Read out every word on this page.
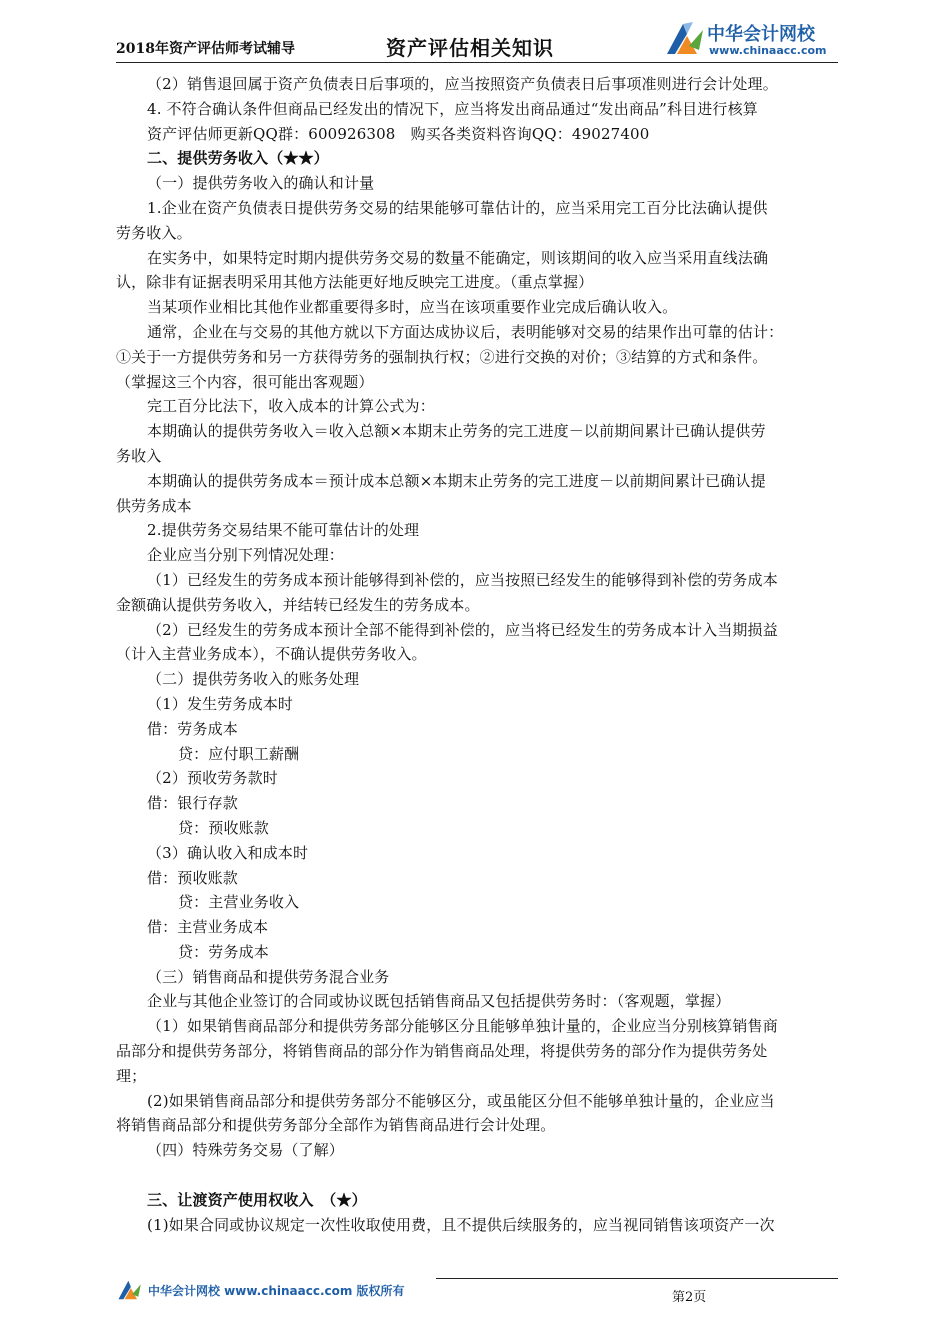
2018年资产评估师考试辅导	资产评估相关知识
中华会计网校
www.chinaacc.com
（2）销售退回属于资产负债表日后事项的，应当按照资产负债表日后事项准则进行会计处理。
4. 不符合确认条件但商品已经发出的情况下，应当将发出商品通过“发出商品”科目进行核算
资产评估师更新QQ群：600926308　购买各类资料咨询QQ：49027400
二、提供劳务收入（★★）
（一）提供劳务收入的确认和计量
1.企业在资产负债表日提供劳务交易的结果能够可靠估计的，应当采用完工百分比法确认提供
劳务收入。
在实务中，如果特定时期内提供劳务交易的数量不能确定，则该期间的收入应当采用直线法确
认，除非有证据表明采用其他方法能更好地反映完工进度。（重点掌握）
当某项作业相比其他作业都重要得多时，应当在该项重要作业完成后确认收入。
通常，企业在与交易的其他方就以下方面达成协议后，表明能够对交易的结果作出可靠的估计：
①关于一方提供劳务和另一方获得劳务的强制执行权；②进行交换的对价；③结算的方式和条件。
（掌握这三个内容，很可能出客观题）
完工百分比法下，收入成本的计算公式为：
本期确认的提供劳务收入＝收入总额×本期末止劳务的完工进度－以前期间累计已确认提供劳
务收入
本期确认的提供劳务成本＝预计成本总额×本期末止劳务的完工进度－以前期间累计已确认提
供劳务成本
2.提供劳务交易结果不能可靠估计的处理
企业应当分别下列情况处理：
（1）已经发生的劳务成本预计能够得到补偿的，应当按照已经发生的能够得到补偿的劳务成本
金额确认提供劳务收入，并结转已经发生的劳务成本。
（2）已经发生的劳务成本预计全部不能得到补偿的，应当将已经发生的劳务成本计入当期损益
（计入主营业务成本），不确认提供劳务收入。
（二）提供劳务收入的账务处理
（1）发生劳务成本时
借：劳务成本
贷：应付职工薪酬
（2）预收劳务款时
借：银行存款
贷：预收账款
（3）确认收入和成本时
借：预收账款
贷：主营业务收入
借：主营业务成本
贷：劳务成本
（三）销售商品和提供劳务混合业务
企业与其他企业签订的合同或协议既包括销售商品又包括提供劳务时：（客观题，掌握）
（1）如果销售商品部分和提供劳务部分能够区分且能够单独计量的，企业应当分别核算销售商
品部分和提供劳务部分，将销售商品的部分作为销售商品处理，将提供劳务的部分作为提供劳务处
理；
(2)如果销售商品部分和提供劳务部分不能够区分，或虽能区分但不能够单独计量的，企业应当
将销售商品部分和提供劳务部分全部作为销售商品进行会计处理。
（四）特殊劳务交易（了解）
三、让渡资产使用权收入　（★）
(1)如果合同或协议规定一次性收取使用费，且不提供后续服务的，应当视同销售该项资产一次
中华会计网校 www.chinaacc.com 版权所有	第2页
